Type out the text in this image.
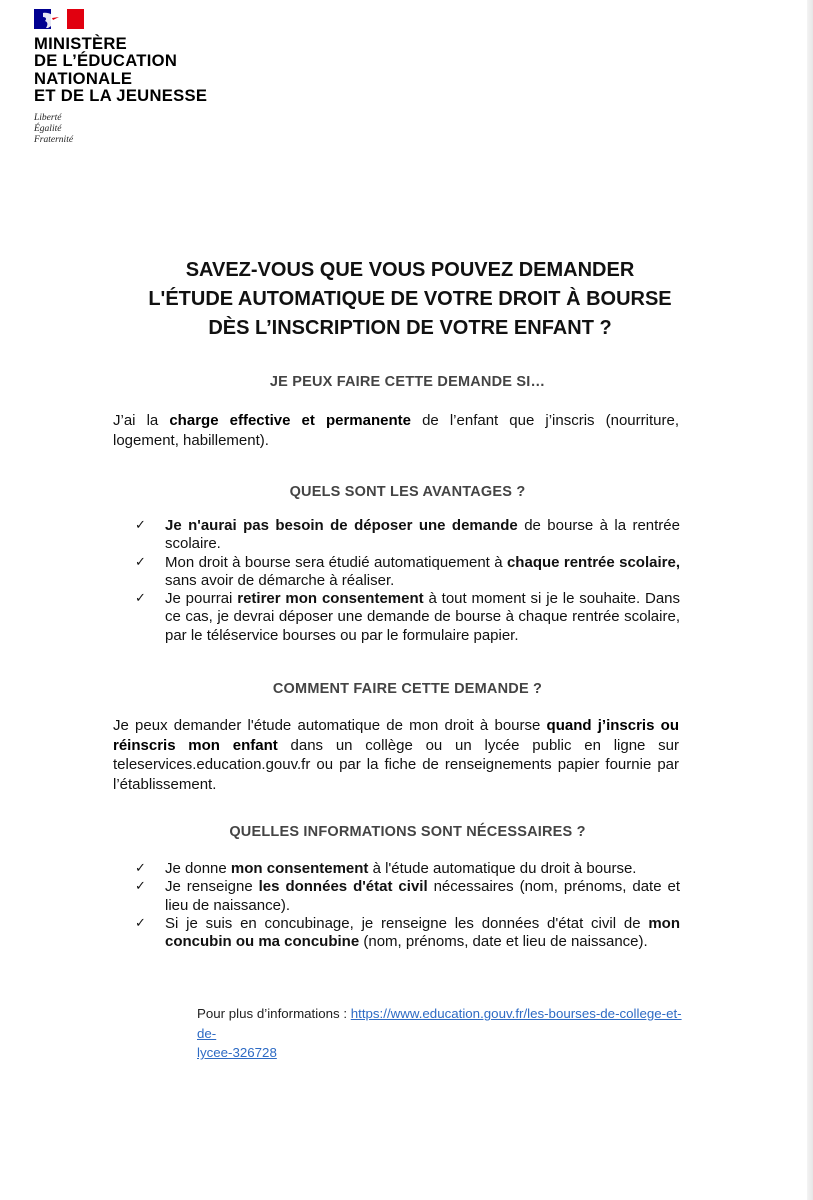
MINISTÈRE
DE L’ÉDUCATION
NATIONALE
ET DE LA JEUNESSE
Liberté
Égalité
Fraternité
SAVEZ-VOUS QUE VOUS POUVEZ DEMANDER
L'ÉTUDE AUTOMATIQUE DE VOTRE DROIT À BOURSE
DÈS L’INSCRIPTION DE VOTRE ENFANT ?
JE PEUX FAIRE CETTE DEMANDE SI…
J’ai la charge effective et permanente de l’enfant que j’inscris (nourriture, logement, habillement).
QUELS SONT LES AVANTAGES ?
✓	Je n'aurai pas besoin de déposer une demande de bourse à la rentrée scolaire.
✓	Mon droit à bourse sera étudié automatiquement à chaque rentrée scolaire, sans avoir de démarche à réaliser.
✓	Je pourrai retirer mon consentement à tout moment si je le souhaite. Dans ce cas, je devrai déposer une demande de bourse à chaque rentrée scolaire, par le téléservice bourses ou par le formulaire papier.
COMMENT FAIRE CETTE DEMANDE ?
Je peux demander l'étude automatique de mon droit à bourse quand j’inscris ou réinscris mon enfant dans un collège ou un lycée public en ligne sur teleservices.education.gouv.fr ou par la fiche de renseignements papier fournie par l’établissement.
QUELLES INFORMATIONS SONT NÉCESSAIRES ?
✓	Je donne mon consentement à l'étude automatique du droit à bourse.
✓	Je renseigne les données d'état civil nécessaires (nom, prénoms, date et lieu de naissance).
✓	Si je suis en concubinage, je renseigne les données d'état civil de mon concubin ou ma concubine (nom, prénoms, date et lieu de naissance).
Pour plus d’informations : https://www.education.gouv.fr/les-bourses-de-college-et-de-
lycee-326728
